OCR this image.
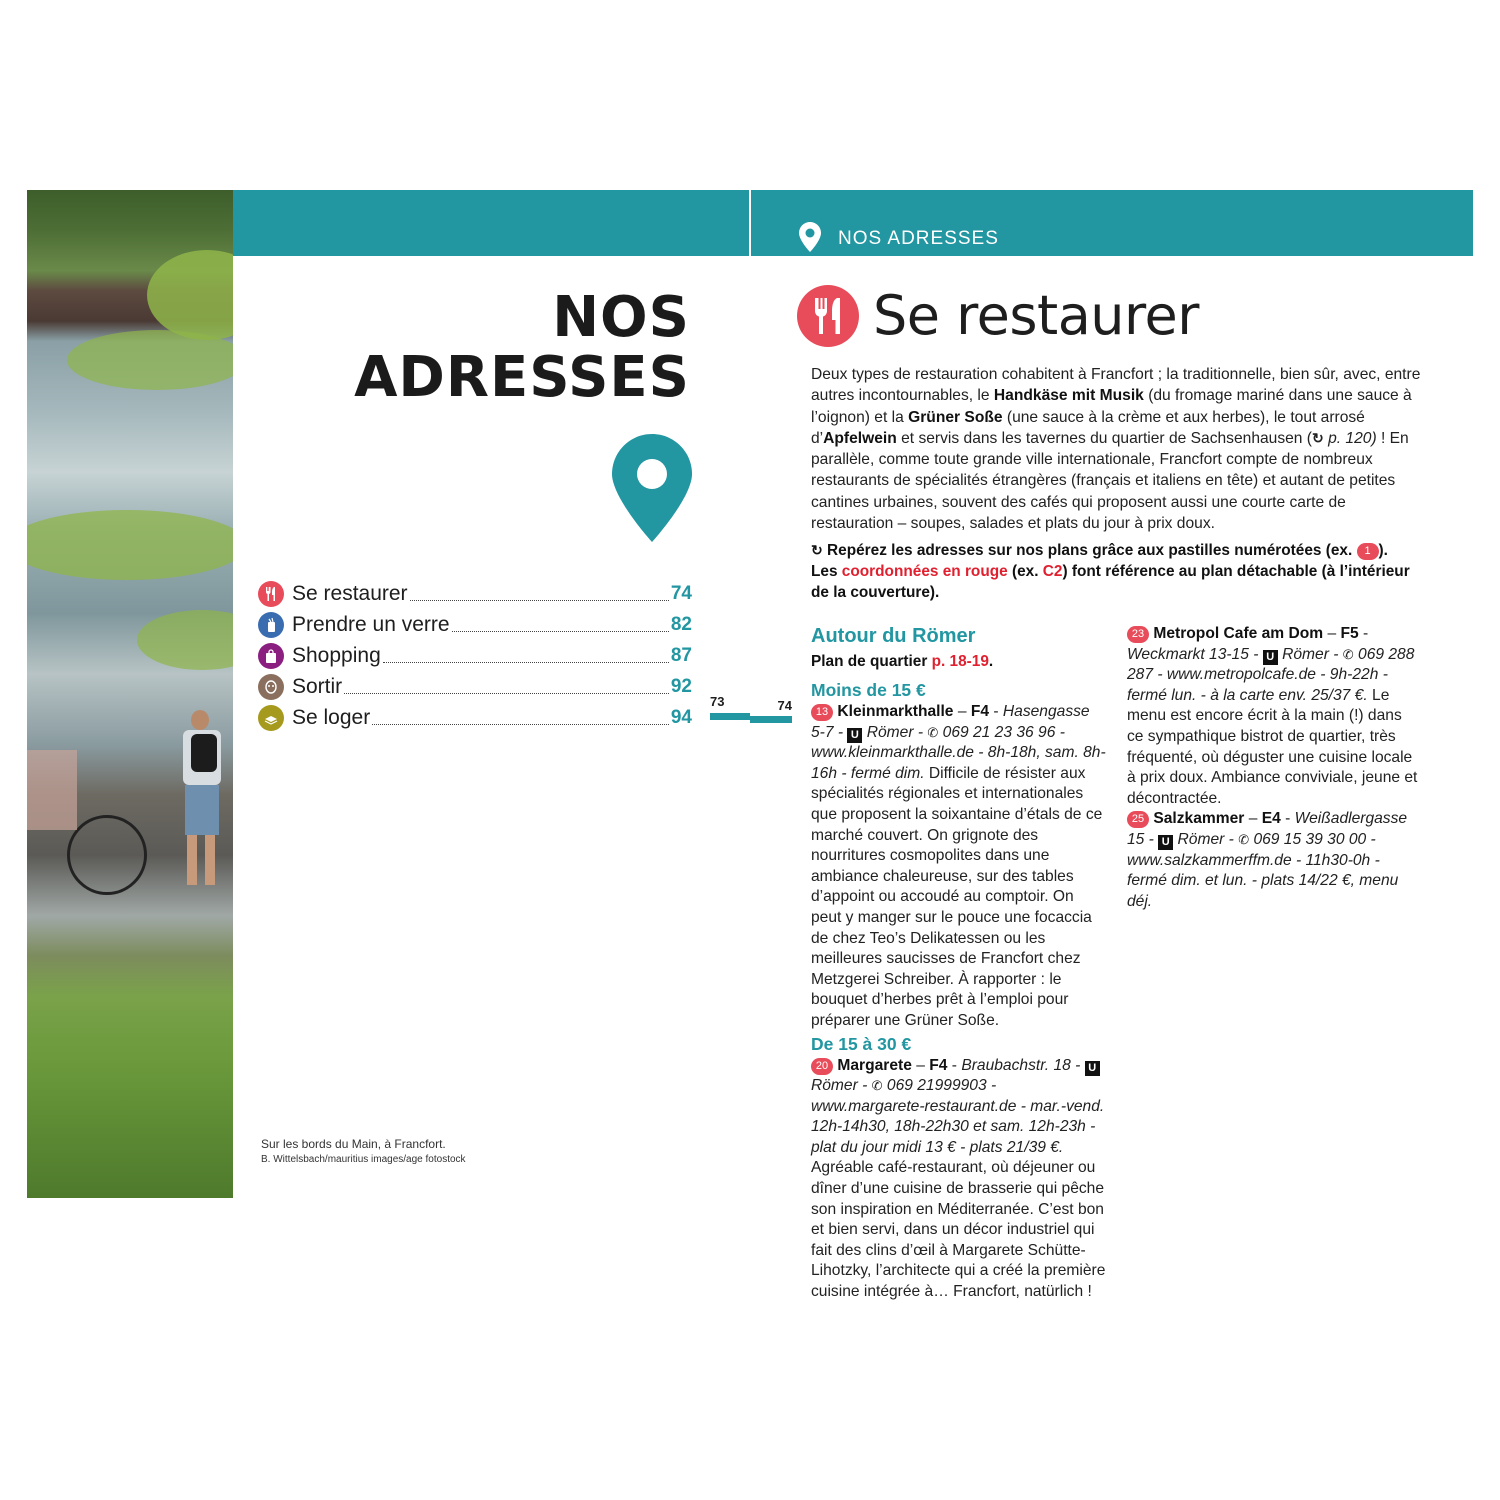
NOS ADRESSES
NOS
ADRESSES
Se restaurer	74
Prendre un verre	82
Shopping	87
Sortir	92
Se loger	94
Sur les bords du Main, à Francfort.
B. Wittelsbach/mauritius images/age fotostock
73	74
Se restaurer
Deux types de restauration cohabitent à Francfort ; la traditionnelle, bien sûr, avec, entre autres incontournables, le Handkäse mit Musik (du fromage mariné dans une sauce à l’oignon) et la Grüner Soße (une sauce à la crème et aux herbes), le tout arrosé d’Apfelwein et servis dans les tavernes du quartier de Sachsenhausen (↻ p. 120) ! En parallèle, comme toute grande ville internationale, Francfort compte de nombreux restaurants de spécialités étrangères (français et italiens en tête) et autant de petites cantines urbaines, souvent des cafés qui proposent aussi une courte carte de restauration – soupes, salades et plats du jour à prix doux.
↻ Repérez les adresses sur nos plans grâce aux pastilles numérotées (ex. 1 ).
Les coordonnées en rouge (ex. C2) font référence au plan détachable (à l’intérieur de la couverture).
Autour du Römer
Plan de quartier p. 18-19.
Moins de 15 €
13 Kleinmarkthalle – F4 - Hasengasse 5-7 - U Römer - ✆ 069 21 23 36 96 - www.kleinmarkthalle.de - 8h-18h, sam. 8h-16h - fermé dim. Difficile de résister aux spécialités régionales et internationales que proposent la soixantaine d’étals de ce marché couvert. On grignote des nourritures cosmopolites dans une ambiance chaleureuse, sur des tables d’appoint ou accoudé au comptoir. On peut y manger sur le pouce une focaccia de chez Teo’s Delikatessen ou les meilleures saucisses de Francfort chez Metzgerei Schreiber. À rapporter : le bouquet d’herbes prêt à l’emploi pour préparer une Grüner Soße.
De 15 à 30 €
20 Margarete – F4 - Braubachstr. 18 - U Römer - ✆ 069 21999903 - www.margarete-restaurant.de - mar.-vend. 12h-14h30, 18h-22h30 et sam. 12h-23h - plat du jour midi 13 € - plats 21/39 €. Agréable café-restaurant, où déjeuner ou dîner d’une cuisine de brasserie qui pêche son inspiration en Méditerranée. C’est bon et bien servi, dans un décor industriel qui fait des clins d’œil à Margarete Schütte-Lihotzky, l’architecte qui a créé la première cuisine intégrée à… Francfort, natürlich !
23 Metropol Cafe am Dom – F5 - Weckmarkt 13-15 - U Römer - ✆ 069 288 287 - www.metropolcafe.de - 9h-22h - fermé lun. - à la carte env. 25/37 €. Le menu est encore écrit à la main (!) dans ce sympathique bistrot de quartier, très fréquenté, où déguster une cuisine locale à prix doux. Ambiance conviviale, jeune et décontractée.
25 Salzkammer – E4 - Weißadlergasse 15 - U Römer - ✆ 069 15 39 30 00 - www.salzkammerffm.de - 11h30-0h - fermé dim. et lun. - plats 14/22 €, menu déj.
